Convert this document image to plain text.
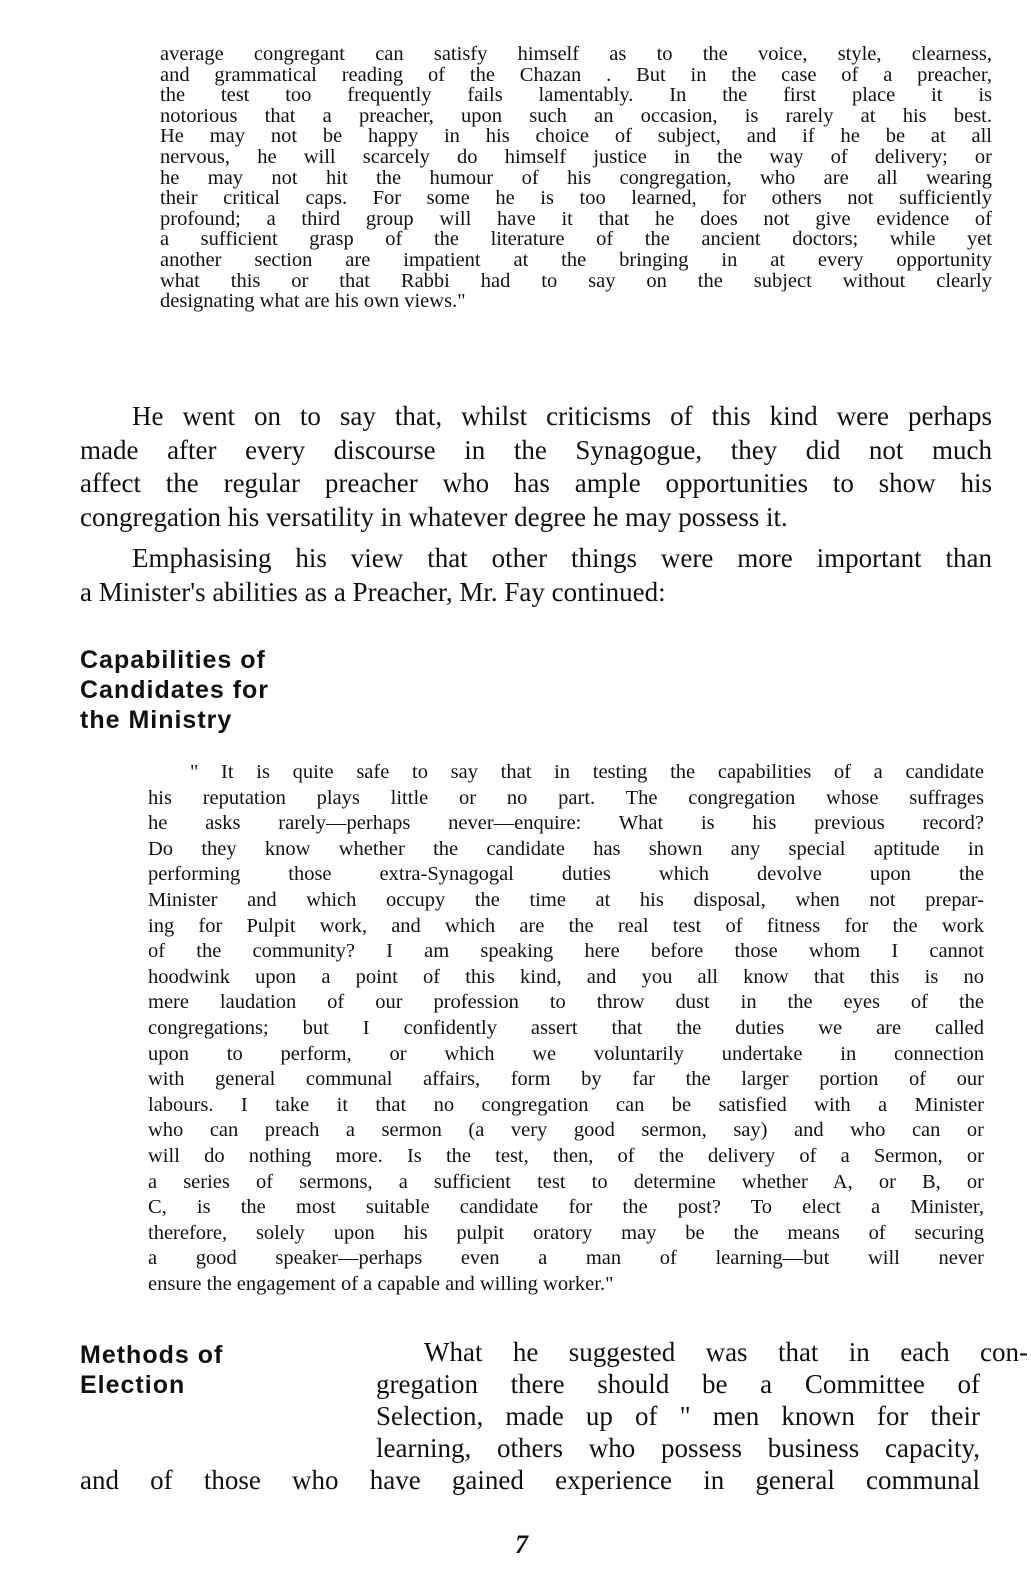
average congregant can satisfy himself as to the voice, style, clearness,
and grammatical reading of the Chazan . But in the case of a preacher,
the test too frequently fails lamentably. In the first place it is
notorious that a preacher, upon such an occasion, is rarely at his best.
He may not be happy in his choice of subject, and if he be at all
nervous, he will scarcely do himself justice in the way of delivery; or
he may not hit the humour of his congregation, who are all wearing
their critical caps. For some he is too learned, for others not sufficiently
profound; a third group will have it that he does not give evidence of
a sufficient grasp of the literature of the ancient doctors; while yet
another section are impatient at the bringing in at every opportunity
what this or that Rabbi had to say on the subject without clearly
designating what are his own views."
He went on to say that, whilst criticisms of this kind were perhaps
made after every discourse in the Synagogue, they did not much
affect the regular preacher who has ample opportunities to show his
congregation his versatility in whatever degree he may possess it.
Emphasising his view that other things were more important than
a Minister's abilities as a Preacher, Mr. Fay continued:
Capabilities of
Candidates for
the Ministry
" It is quite safe to say that in testing the capabilities of a candidate
his reputation plays little or no part. The congregation whose suffrages
he asks rarely—perhaps never—enquire: What is his previous record?
Do they know whether the candidate has shown any special aptitude in
performing those extra-Synagogal duties which devolve upon the
Minister and which occupy the time at his disposal, when not prepar-
ing for Pulpit work, and which are the real test of fitness for the work
of the community? I am speaking here before those whom I cannot
hoodwink upon a point of this kind, and you all know that this is no
mere laudation of our profession to throw dust in the eyes of the
congregations; but I confidently assert that the duties we are called
upon to perform, or which we voluntarily undertake in connection
with general communal affairs, form by far the larger portion of our
labours. I take it that no congregation can be satisfied with a Minister
who can preach a sermon (a very good sermon, say) and who can or
will do nothing more. Is the test, then, of the delivery of a Sermon, or
a series of sermons, a sufficient test to determine whether A, or B, or
C, is the most suitable candidate for the post? To elect a Minister,
therefore, solely upon his pulpit oratory may be the means of securing
a good speaker—perhaps even a man of learning—but will never
ensure the engagement of a capable and willing worker."
Methods of
Election
What he suggested was that in each con-
gregation there should be a Committee of
Selection, made up of " men known for their
learning, others who possess business capacity,
and of those who have gained experience in general communal
7
